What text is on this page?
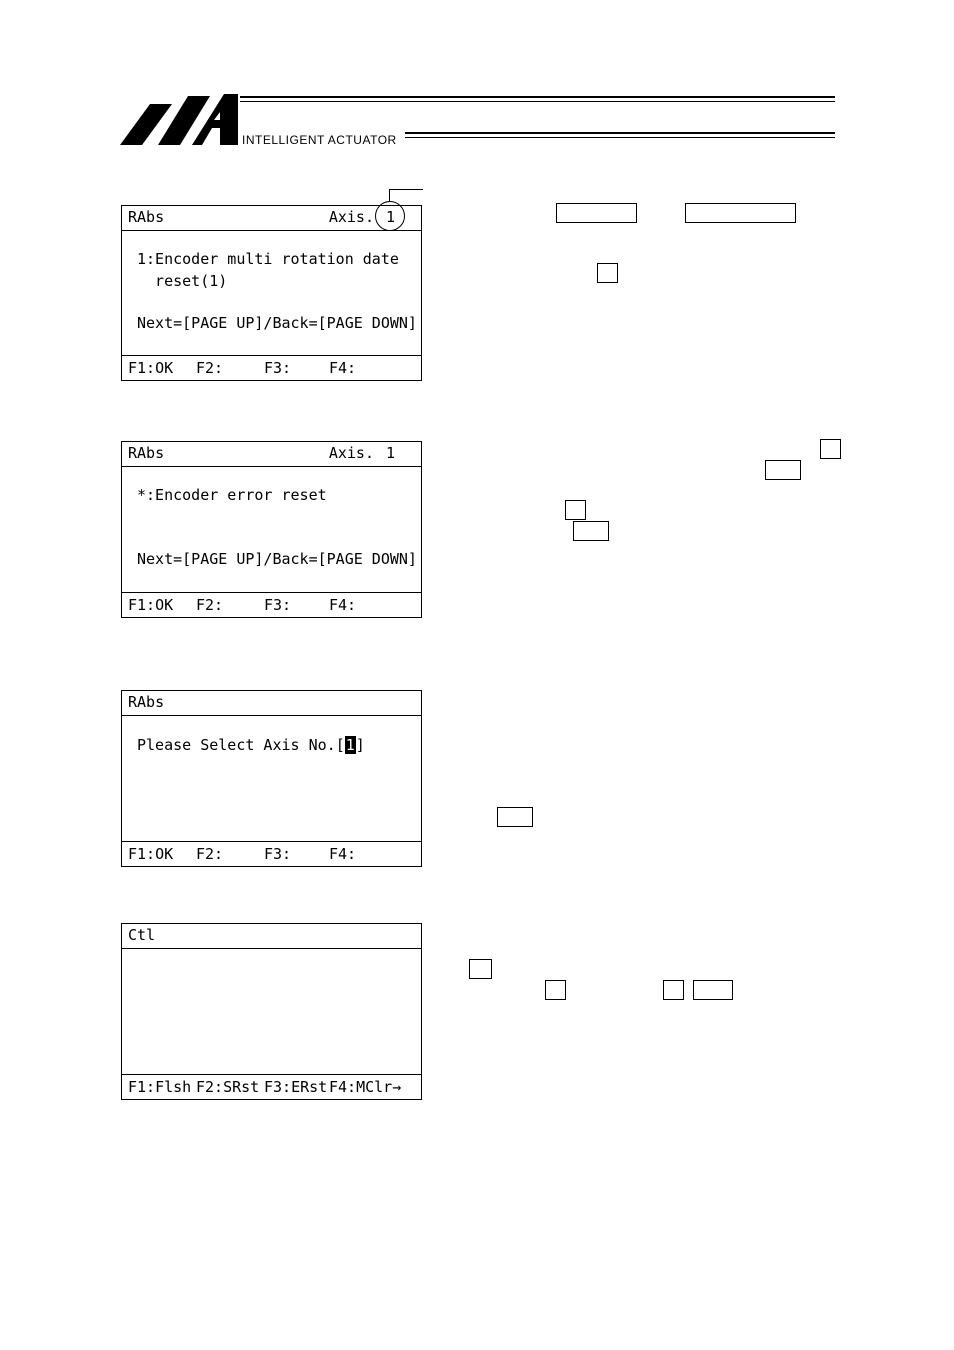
INTELLIGENT ACTUATOR
RAbs	Axis. 1
1:Encoder multi rotation date
reset(1)
Next=[PAGE UP]/Back=[PAGE DOWN]
F1:OK F2:	F3:	F4:
RAbs	Axis. 1
*:Encoder error reset
Next=[PAGE UP]/Back=[PAGE DOWN]
F1:OK F2:	F3:	F4:
RAbs
Please Select Axis No.[1]
F1:OK F2:	F3:	F4:
Ctl
F1:Flsh F2:SRst F3:ERst F4:MClr→
